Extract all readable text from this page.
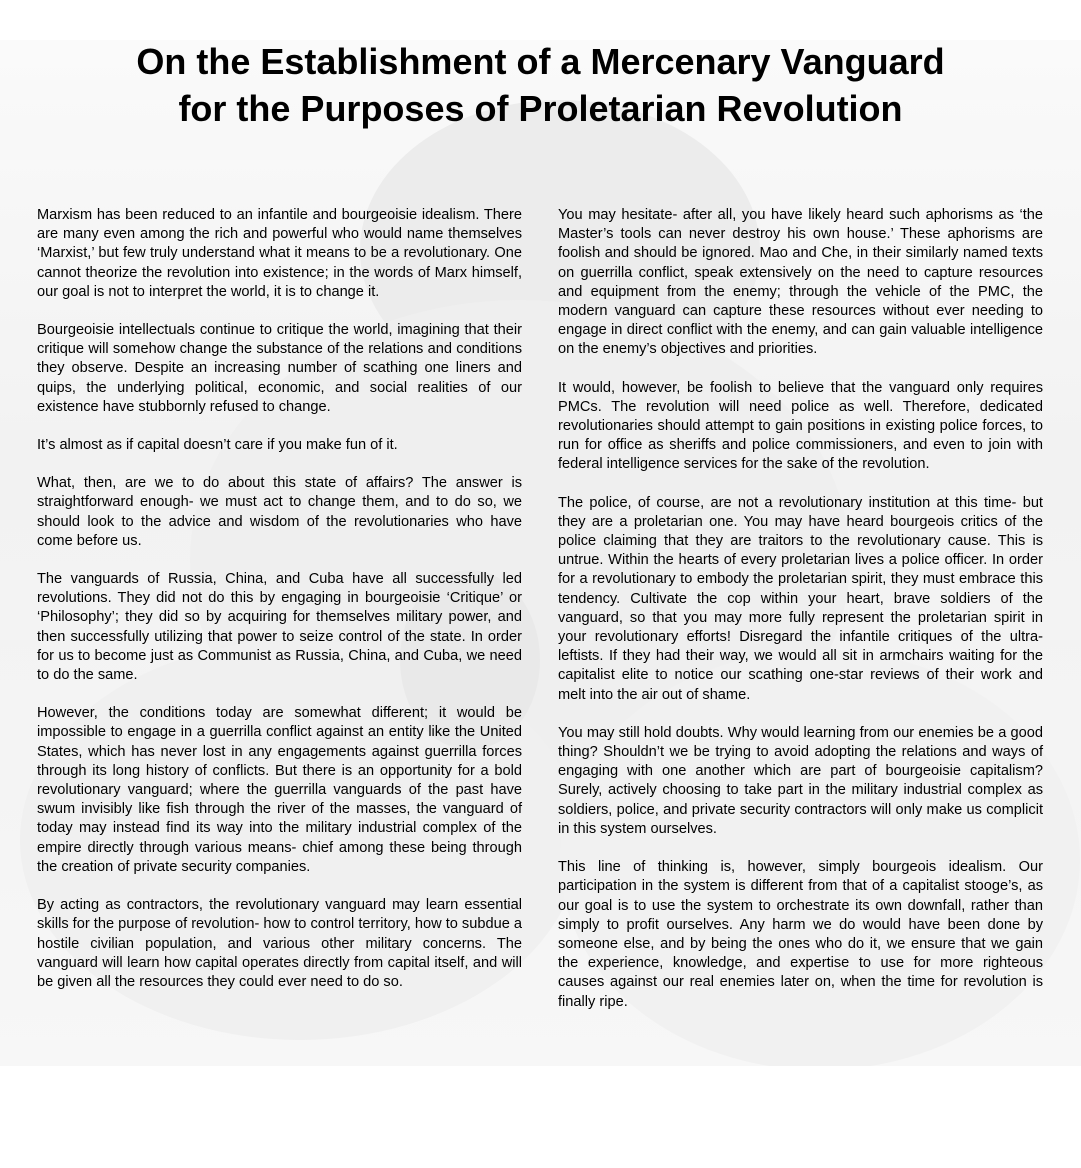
On the Establishment of a Mercenary Vanguard
for the Purposes of Proletarian Revolution

Marxism has been reduced to an infantile and bourgeoisie idealism. There are many even among the rich and powerful who would name themselves ‘Marxist,’ but few truly understand what it means to be a revolutionary. One cannot theorize the revolution into existence; in the words of Marx himself, our goal is not to interpret the world, it is to change it.

Bourgeoisie intellectuals continue to critique the world, imagining that their critique will somehow change the substance of the relations and conditions they observe. Despite an increasing number of scathing one liners and quips, the underlying political, economic, and social realities of our existence have stubbornly refused to change.

It’s almost as if capital doesn’t care if you make fun of it.

What, then, are we to do about this state of affairs? The answer is straightforward enough- we must act to change them, and to do so, we should look to the advice and wisdom of the revolutionaries who have come before us.

The vanguards of Russia, China, and Cuba have all successfully led revolutions. They did not do this by engaging in bourgeoisie ‘Critique’ or ‘Philosophy’; they did so by acquiring for themselves military power, and then successfully utilizing that power to seize control of the state. In order for us to become just as Communist as Russia, China, and Cuba, we need to do the same.

However, the conditions today are somewhat different; it would be impossible to engage in a guerrilla conflict against an entity like the United States, which has never lost in any engagements against guerrilla forces through its long history of conflicts. But there is an opportunity for a bold revolutionary vanguard; where the guerrilla vanguards of the past have swum invisibly like fish through the river of the masses, the vanguard of today may instead find its way into the military industrial complex of the empire directly through various means- chief among these being through the creation of private security companies.

By acting as contractors, the revolutionary vanguard may learn essential skills for the purpose of revolution- how to control territory, how to subdue a hostile civilian population, and various other military concerns. The vanguard will learn how capital operates directly from capital itself, and will be given all the resources they could ever need to do so.

You may hesitate- after all, you have likely heard such aphorisms as ‘the Master’s tools can never destroy his own house.’ These aphorisms are foolish and should be ignored. Mao and Che, in their similarly named texts on guerrilla conflict, speak extensively on the need to capture resources and equipment from the enemy; through the vehicle of the PMC, the modern vanguard can capture these resources without ever needing to engage in direct conflict with the enemy, and can gain valuable intelligence on the enemy’s objectives and priorities.

It would, however, be foolish to believe that the vanguard only requires PMCs. The revolution will need police as well. Therefore, dedicated revolutionaries should attempt to gain positions in existing police forces, to run for office as sheriffs and police commissioners, and even to join with federal intelligence services for the sake of the revolution.

The police, of course, are not a revolutionary institution at this time- but they are a proletarian one. You may have heard bourgeois critics of the police claiming that they are traitors to the revolutionary cause. This is untrue. Within the hearts of every proletarian lives a police officer. In order for a revolutionary to embody the proletarian spirit, they must embrace this tendency. Cultivate the cop within your heart, brave soldiers of the vanguard, so that you may more fully represent the proletarian spirit in your revolutionary efforts! Disregard the infantile critiques of the ultra-leftists. If they had their way, we would all sit in armchairs waiting for the capitalist elite to notice our scathing one-star reviews of their work and melt into the air out of shame.

You may still hold doubts. Why would learning from our enemies be a good thing? Shouldn’t we be trying to avoid adopting the relations and ways of engaging with one another which are part of bourgeoisie capitalism? Surely, actively choosing to take part in the military industrial complex as soldiers, police, and private security contractors will only make us complicit in this system ourselves.

This line of thinking is, however, simply bourgeois idealism. Our participation in the system is different from that of a capitalist stooge’s, as our goal is to use the system to orchestrate its own downfall, rather than simply to profit ourselves. Any harm we do would have been done by someone else, and by being the ones who do it, we ensure that we gain the experience, knowledge, and expertise to use for more righteous causes against our real enemies later on, when the time for revolution is finally ripe.
